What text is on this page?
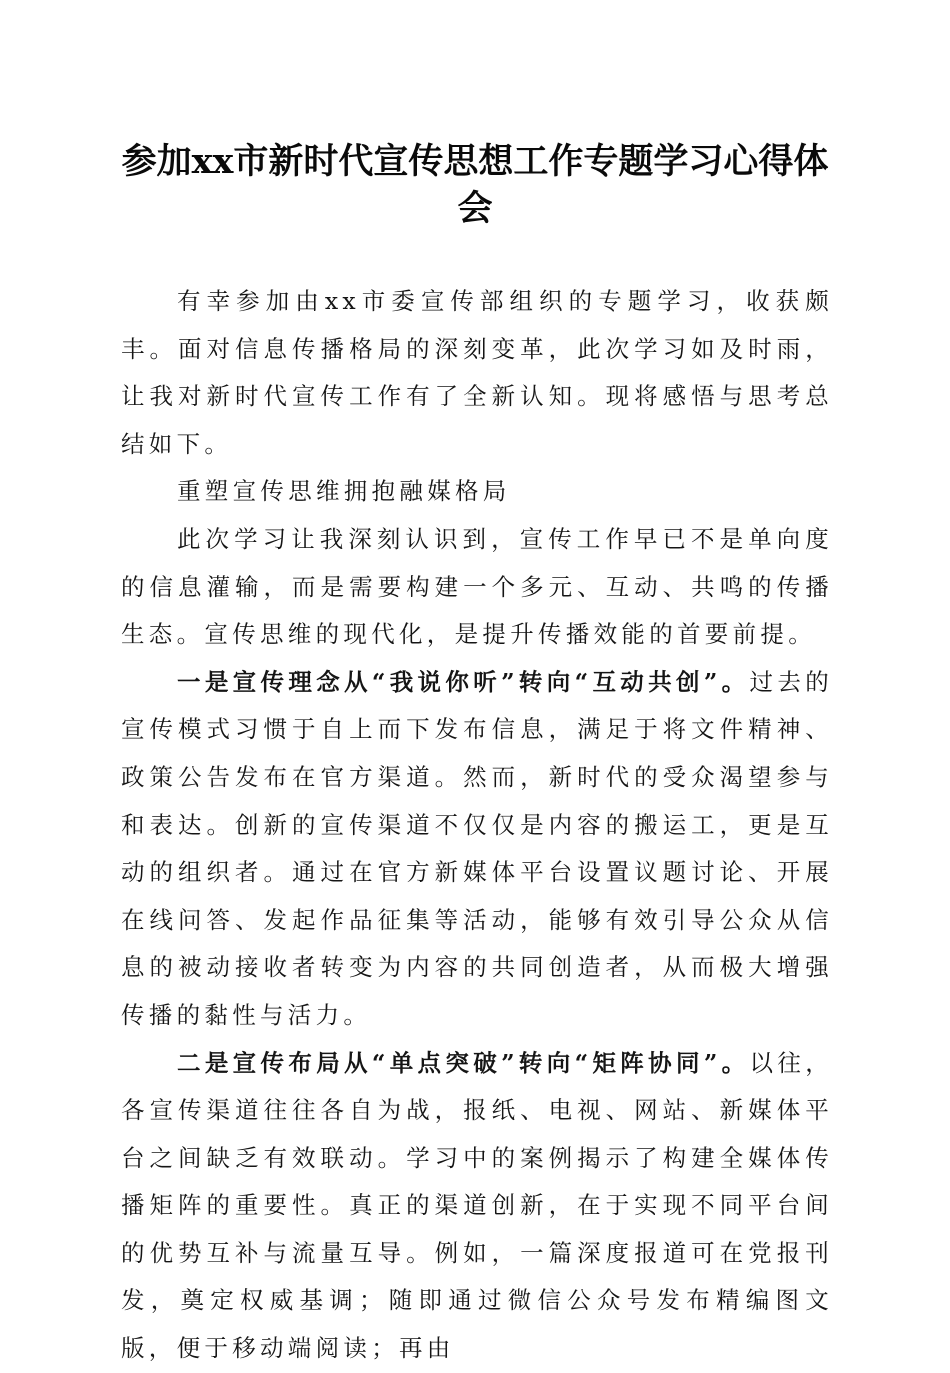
参加xx市新时代宣传思想工作专题学习心得体会

有幸参加由xx市委宣传部组织的专题学习，收获颇丰。面对信息传播格局的深刻变革，此次学习如及时雨，让我对新时代宣传工作有了全新认知。现将感悟与思考总结如下。

重塑宣传思维拥抱融媒格局

此次学习让我深刻认识到，宣传工作早已不是单向度的信息灌输，而是需要构建一个多元、互动、共鸣的传播生态。宣传思维的现代化，是提升传播效能的首要前提。

一是宣传理念从“我说你听”转向“互动共创”。过去的宣传模式习惯于自上而下发布信息，满足于将文件精神、政策公告发布在官方渠道。然而，新时代的受众渴望参与和表达。创新的宣传渠道不仅仅是内容的搬运工，更是互动的组织者。通过在官方新媒体平台设置议题讨论、开展在线问答、发起作品征集等活动，能够有效引导公众从信息的被动接收者转变为内容的共同创造者，从而极大增强传播的黏性与活力。

二是宣传布局从“单点突破”转向“矩阵协同”。以往，各宣传渠道往往各自为战，报纸、电视、网站、新媒体平台之间缺乏有效联动。学习中的案例揭示了构建全媒体传播矩阵的重要性。真正的渠道创新，在于实现不同平台间的优势互补与流量互导。例如，一篇深度报道可在党报刊发，奠定权威基调；随即通过微信公众号发布精编图文版，便于移动端阅读；再由
